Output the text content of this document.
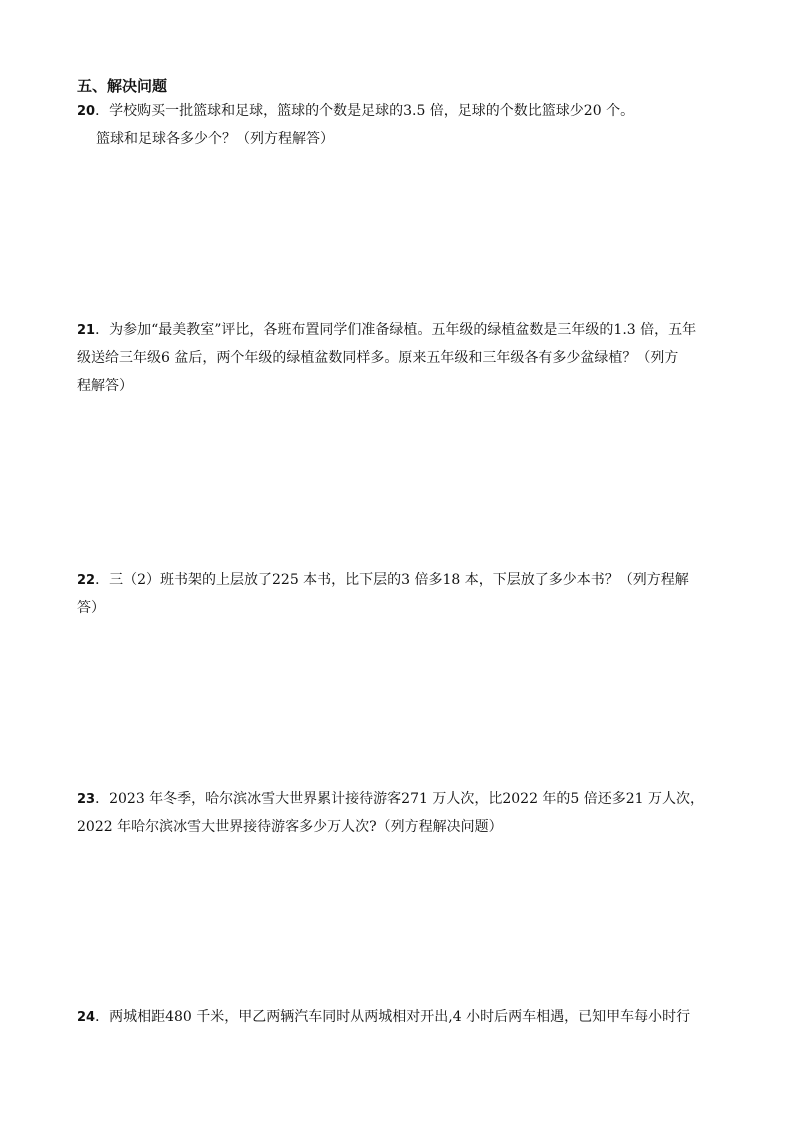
五、解决问题
20．学校购买一批篮球和足球，篮球的个数是足球的3.5 倍，足球的个数比篮球少20 个。
篮球和足球各多少个？（列方程解答）
21．为参加“最美教室”评比，各班布置同学们准备绿植。五年级的绿植盆数是三年级的1.3 倍，五年
级送给三年级6 盆后，两个年级的绿植盆数同样多。原来五年级和三年级各有多少盆绿植？（列方
程解答）
22．三（2）班书架的上层放了225 本书，比下层的3 倍多18 本，下层放了多少本书？（列方程解
答）
23．2023 年冬季，哈尔滨冰雪大世界累计接待游客271 万人次，比2022 年的5 倍还多21 万人次，
2022 年哈尔滨冰雪大世界接待游客多少万人次?（列方程解决问题）
24．两城相距480 千米，甲乙两辆汽车同时从两城相对开出,4 小时后两车相遇，已知甲车每小时行
